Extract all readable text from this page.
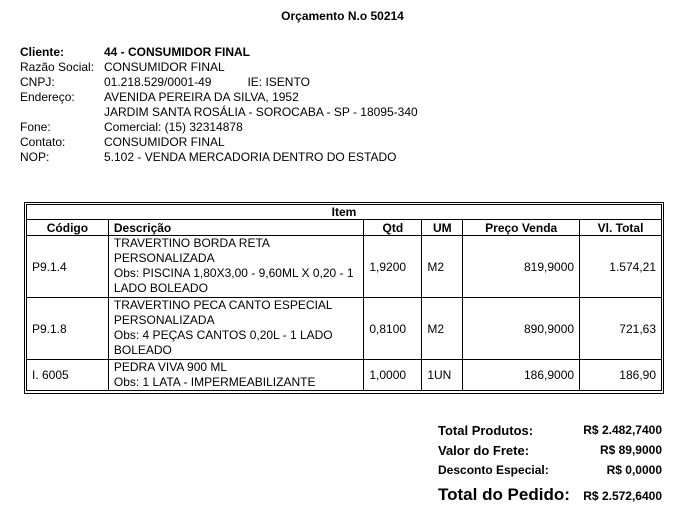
Orçamento N.o 50214
Cliente:	44 - CONSUMIDOR FINAL
Razão Social: CONSUMIDOR FINAL
CNPJ:	01.218.529/0001-49	IE: ISENTO
Endereço:	AVENIDA PEREIRA DA SILVA, 1952
JARDIM SANTA ROSÁLIA - SOROCABA - SP - 18095-340
Fone:	Comercial: (15) 32314878
Contato:	CONSUMIDOR FINAL
NOP:	5.102 - VENDA MERCADORIA DENTRO DO ESTADO
Item					
Código	Descrição	Qtd	UM	Preço Venda	Vl. Total
P9.1.4	TRAVERTINO BORDA RETA
PERSONALIZADA
Obs: PISCINA 1,80X3,00 - 9,60ML X 0,20 - 1
LADO BOLEADO	1,9200	M2	819,9000	1.574,21
P9.1.8	TRAVERTINO PECA CANTO ESPECIAL
PERSONALIZADA
Obs: 4 PEÇAS CANTOS 0,20L - 1 LADO
BOLEADO	0,8100	M2	890,9000	721,63
I. 6005	PEDRA VIVA 900 ML
Obs: 1 LATA - IMPERMEABILIZANTE	1,0000	1UN	186,9000	186,90
Total Produtos:	R$ 2.482,7400
Valor do Frete:	R$ 89,9000
Desconto Especial:	R$ 0,0000
Total do Pedido: R$ 2.572,6400
